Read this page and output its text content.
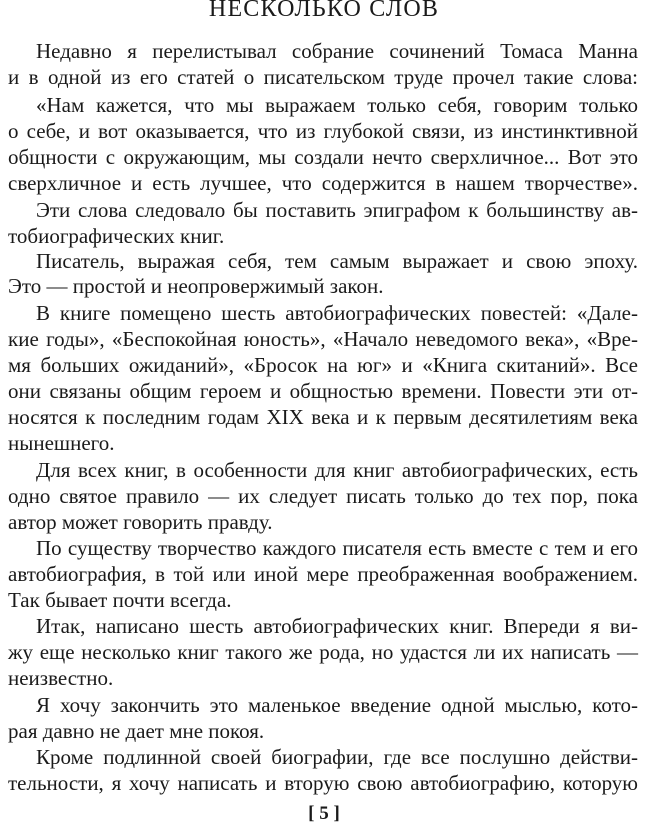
НЕСКОЛЬКО СЛОВ
Недавно я перелистывал собрание сочинений Томаса Манна
и в одной из его статей о писательском труде прочел такие слова:
«Нам кажется, что мы выражаем только себя, говорим только
о себе, и вот оказывается, что из глубокой связи, из инстинктивной
общности с окружающим, мы создали нечто сверхличное... Вот это
сверхличное и есть лучшее, что содержится в нашем творчестве».
Эти слова следовало бы поставить эпиграфом к большинству ав-
тобиографических книг.
Писатель, выражая себя, тем самым выражает и свою эпоху.
Это — простой и неопровержимый закон.
В книге помещено шесть автобиографических повестей: «Дале-
кие годы», «Беспокойная юность», «Начало неведомого века», «Вре-
мя больших ожиданий», «Бросок на юг» и «Книга скитаний». Все
они связаны общим героем и общностью времени. Повести эти от-
носятся к последним годам XIX века и к первым десятилетиям века
нынешнего.
Для всех книг, в особенности для книг автобиографических, есть
одно святое правило — их следует писать только до тех пор, пока
автор может говорить правду.
По существу творчество каждого писателя есть вместе с тем и его
автобиография, в той или иной мере преображенная воображением.
Так бывает почти всегда.
Итак, написано шесть автобиографических книг. Впереди я ви-
жу еще несколько книг такого же рода, но удастся ли их написать —
неизвестно.
Я хочу закончить это маленькое введение одной мыслью, кото-
рая давно не дает мне покоя.
Кроме подлинной своей биографии, где все послушно действи-
тельности, я хочу написать и вторую свою автобиографию, которую
[ 5 ]
